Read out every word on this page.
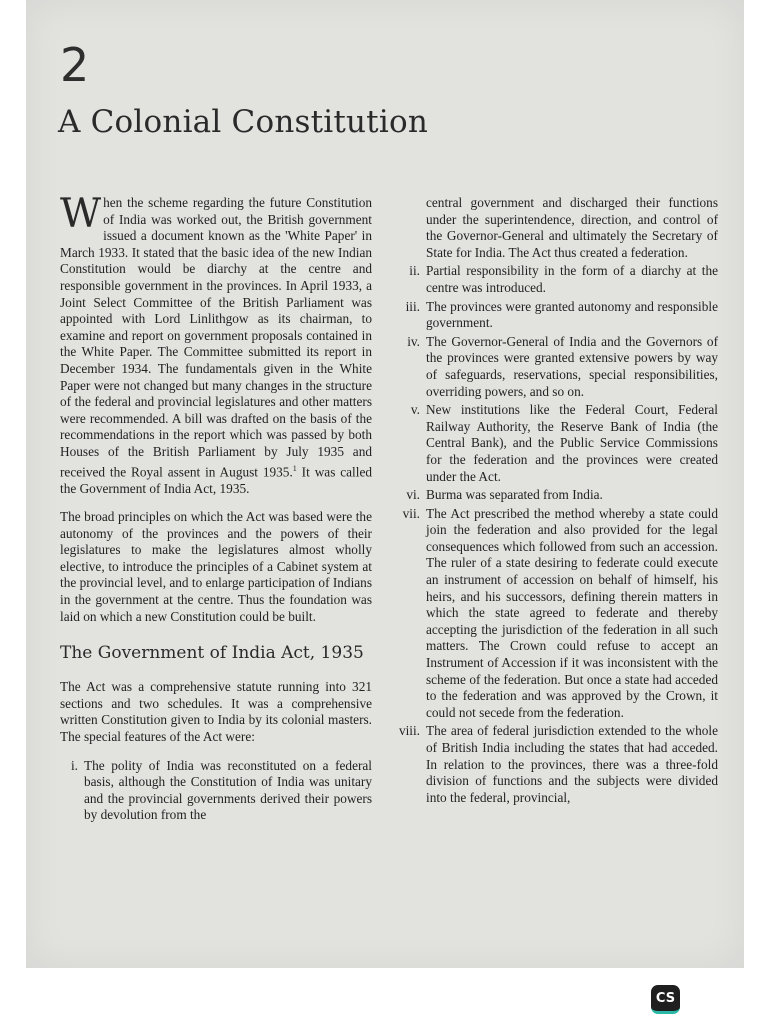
2
A Colonial Constitution

When the scheme regarding the future Constitution of India was worked out, the British government issued a document known as the 'White Paper' in March 1933. It stated that the basic idea of the new Indian Constitution would be diarchy at the centre and responsible government in the provinces. In April 1933, a Joint Select Committee of the British Parliament was appointed with Lord Linlithgow as its chairman, to examine and report on government proposals contained in the White Paper. The Committee submitted its report in December 1934. The fundamentals given in the White Paper were not changed but many changes in the structure of the federal and provincial legislatures and other matters were recommended. A bill was drafted on the basis of the recommendations in the report which was passed by both Houses of the British Parliament by July 1935 and received the Royal assent in August 1935.$^1$ It was called the Government of India Act, 1935.

The broad principles on which the Act was based were the autonomy of the provinces and the powers of their legislatures to make the legislatures almost wholly elective, to introduce the principles of a Cabinet system at the provincial level, and to enlarge participation of Indians in the government at the centre. Thus the foundation was laid on which a new Constitution could be built.

The Government of India Act, 1935

The Act was a comprehensive statute running into 321 sections and two schedules. It was a comprehensive written Constitution given to India by its colonial masters. The special features of the Act were:

i. The polity of India was reconstituted on a federal basis, although the Constitution of India was unitary and the provincial governments derived their powers by devolution from the
central government and discharged their functions under the superintendence, direction, and control of the Governor-General and ultimately the Secretary of State for India. The Act thus created a federation.
ii. Partial responsibility in the form of a diarchy at the centre was introduced.
iii. The provinces were granted autonomy and responsible government.
iv. The Governor-General of India and the Governors of the provinces were granted extensive powers by way of safeguards, reservations, special responsibilities, overriding powers, and so on.
v. New institutions like the Federal Court, Federal Railway Authority, the Reserve Bank of India (the Central Bank), and the Public Service Commissions for the federation and the provinces were created under the Act.
vi. Burma was separated from India.
vii. The Act prescribed the method whereby a state could join the federation and also provided for the legal consequences which followed from such an accession. The ruler of a state desiring to federate could execute an instrument of accession on behalf of himself, his heirs, and his successors, defining therein matters in which the state agreed to federate and thereby accepting the jurisdiction of the federation in all such matters. The Crown could refuse to accept an Instrument of Accession if it was inconsistent with the scheme of the federation. But once a state had acceded to the federation and was approved by the Crown, it could not secede from the federation.
viii. The area of federal jurisdiction extended to the whole of British India including the states that had acceded. In relation to the provinces, there was a three-fold division of functions and the subjects were divided into the federal, provincial,
CS
